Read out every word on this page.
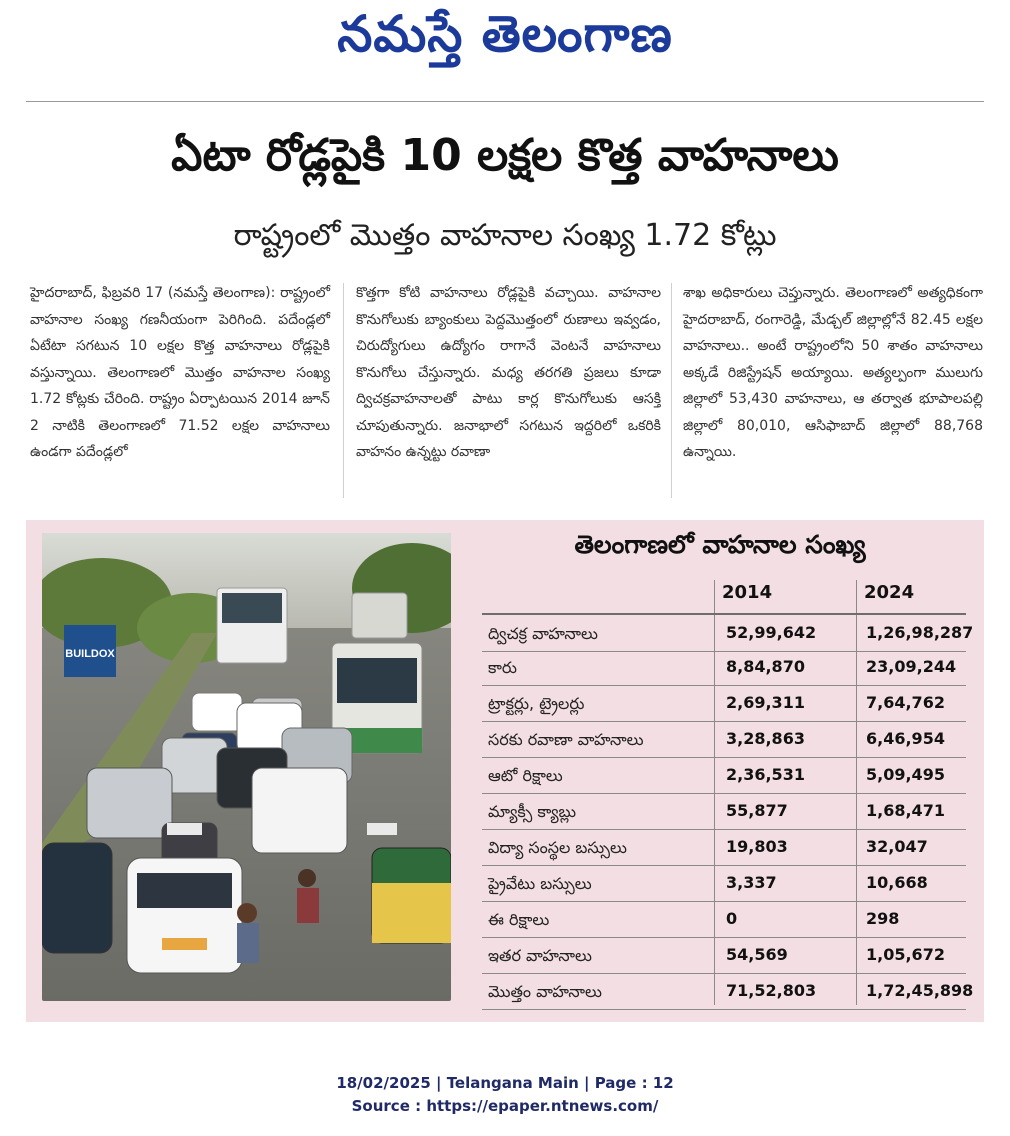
నమస్తే తెలంగాణ
ఏటా రోడ్లపైకి 10 లక్షల కొత్త వాహనాలు
రాష్ట్రంలో మొత్తం వాహనాల సంఖ్య 1.72 కోట్లు
హైదరాబాద్, ఫిబ్రవరి 17 (నమస్తే తెలంగాణ): రాష్ట్రంలో వాహనాల సంఖ్య గణనీయంగా పెరిగింది. పదేండ్లలో ఏటేటా సగటున 10 లక్షల కొత్త వాహనాలు రోడ్లపైకి వస్తున్నాయి. తెలంగాణలో మొత్తం వాహనాల సంఖ్య 1.72 కోట్లకు చేరింది. రాష్ట్రం ఏర్పాటయిన 2014 జూన్ 2 నాటికి తెలంగాణలో 71.52 లక్షల వాహనాలు ఉండగా పదేండ్లలో
కొత్తగా కోటి వాహనాలు రోడ్లపైకి వచ్చాయి. వాహనాల కొనుగోలుకు బ్యాంకులు పెద్దమొత్తంలో రుణాలు ఇవ్వడం, చిరుద్యోగులు ఉద్యోగం రాగానే వెంటనే వాహనాలు కొనుగోలు చేస్తున్నారు. మధ్య తరగతి ప్రజలు కూడా ద్విచక్రవాహనాలతో పాటు కార్ల కొనుగోలుకు ఆసక్తి చూపుతున్నారు. జనాభాలో సగటున ఇద్దరిలో ఒకరికి వాహనం ఉన్నట్టు రవాణా
శాఖ అధికారులు చెప్తున్నారు. తెలంగాణలో అత్యధికంగా హైదరాబాద్, రంగారెడ్డి, మేడ్చల్ జిల్లాల్లోనే 82.45 లక్షల వాహనాలు.. అంటే రాష్ట్రంలోని 50 శాతం వాహనాలు అక్కడే రిజిస్ట్రేషన్ అయ్యాయి. అత్యల్పంగా ములుగు జిల్లాలో 53,430 వాహనాలు, ఆ తర్వాత భూపాలపల్లి జిల్లాలో 80,010, ఆసిఫాబాద్ జిల్లాలో 88,768 ఉన్నాయి.
BUILDOX
తెలంగాణలో వాహనాల సంఖ్య
2014	2024
ద్విచక్ర వాహనాలు	52,99,642	1,26,98,287
కారు	8,84,870	23,09,244
ట్రాక్టర్లు, ట్రైలర్లు	2,69,311	7,64,762
సరకు రవాణా వాహనాలు	3,28,863	6,46,954
ఆటో రిక్షాలు	2,36,531	5,09,495
మ్యాక్సీ క్యాబ్లు	55,877	1,68,471
విద్యా సంస్థల బస్సులు	19,803	32,047
ప్రైవేటు బస్సులు	3,337	10,668
ఈ రిక్షాలు	0	298
ఇతర వాహనాలు	54,569	1,05,672
మొత్తం వాహనాలు	71,52,803	1,72,45,898
18/02/2025 | Telangana Main | Page : 12
Source : https://epaper.ntnews.com/
